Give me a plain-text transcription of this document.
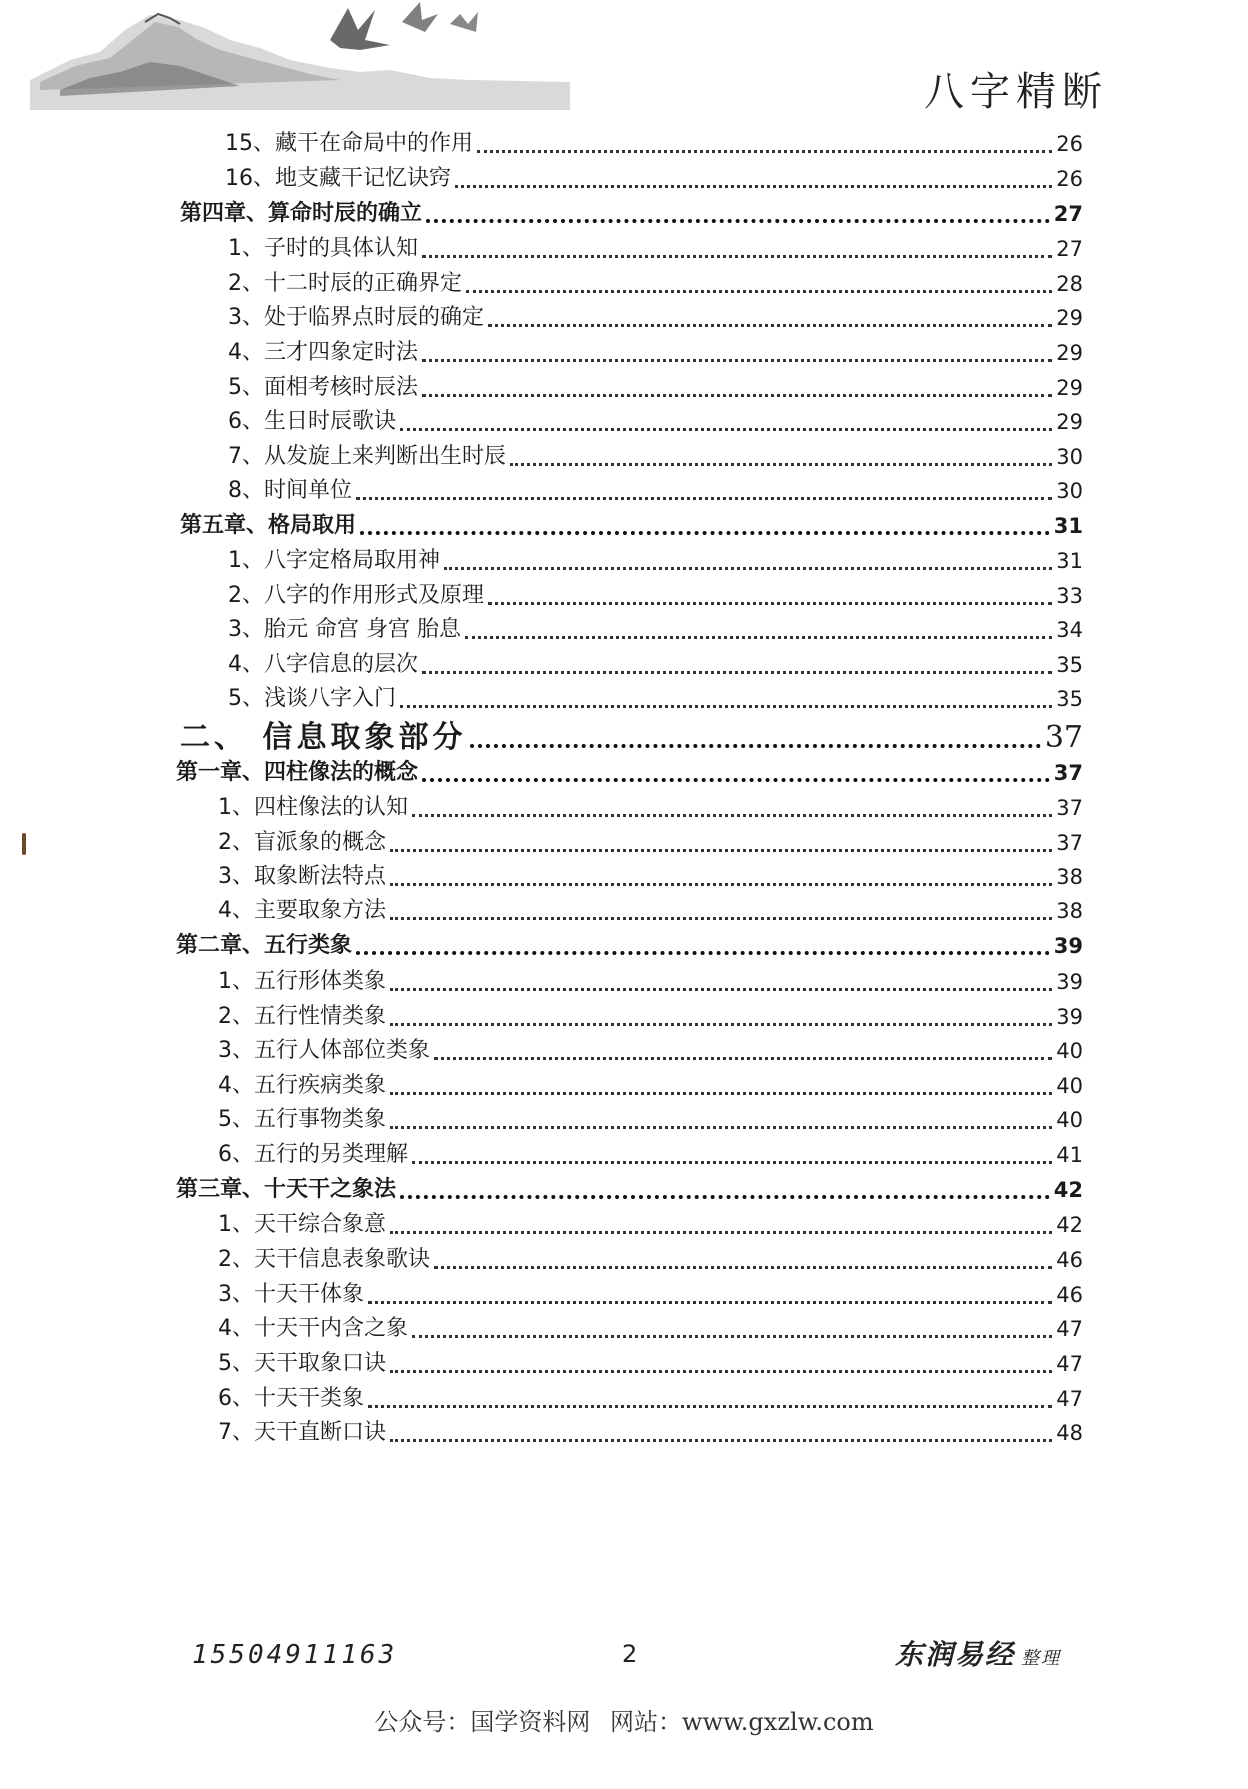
八字精断
15、藏干在命局中的作用	26
16、地支藏干记忆诀窍	26
第四章、算命时辰的确立	27
1、子时的具体认知	27
2、十二时辰的正确界定	28
3、处于临界点时辰的确定	29
4、三才四象定时法	29
5、面相考核时辰法	29
6、生日时辰歌诀	29
7、从发旋上来判断出生时辰	30
8、时间单位	30
第五章、格局取用	31
1、八字定格局取用神	31
2、八字的作用形式及原理	33
3、胎元 命宫 身宫 胎息	34
4、八字信息的层次	35
5、浅谈八字入门	35
二、 信息取象部分	37
第一章、四柱像法的概念	37
1、四柱像法的认知	37
2、盲派象的概念	37
3、取象断法特点	38
4、主要取象方法	38
第二章、五行类象	39
1、五行形体类象	39
2、五行性情类象	39
3、五行人体部位类象	40
4、五行疾病类象	40
5、五行事物类象	40
6、五行的另类理解	41
第三章、十天干之象法	42
1、天干综合象意	42
2、天干信息表象歌诀	46
3、十天干体象	46
4、十天干内含之象	47
5、天干取象口诀	47
6、十天干类象	47
7、天干直断口诀	48
15504911163	2	东润易经 整理
公众号：国学资料网 网站：www.gxzlw.com
